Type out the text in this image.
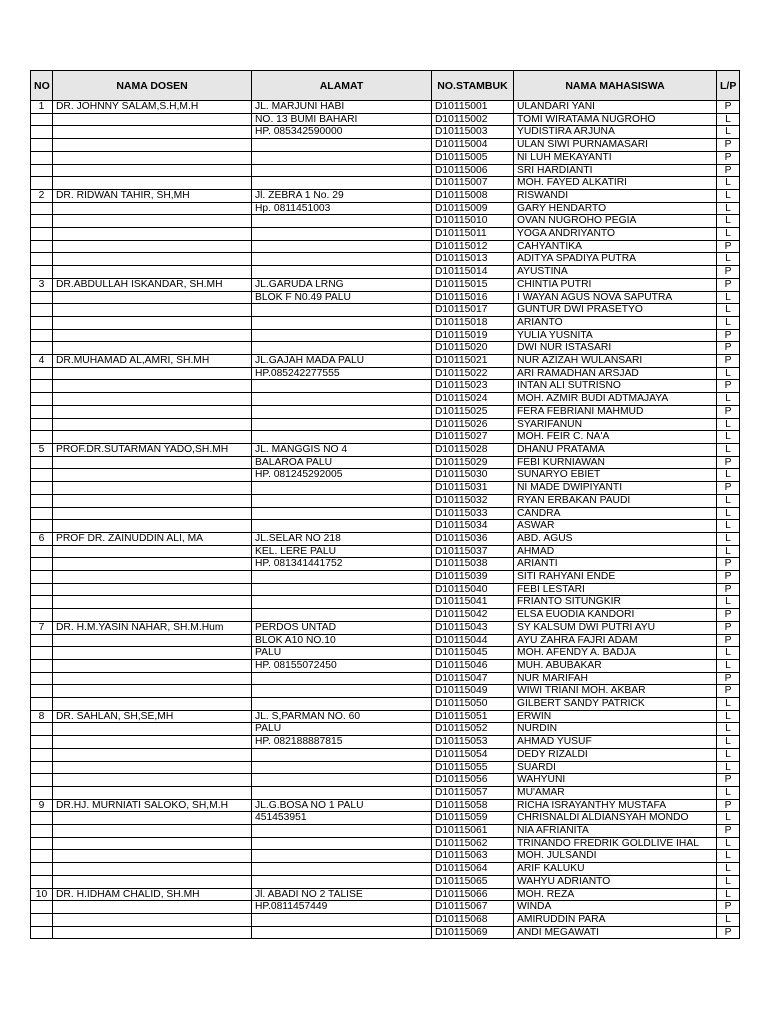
NO	NAMA DOSEN	ALAMAT	NO.STAMBUK	NAMA MAHASISWA	L/P
1	DR. JOHNNY SALAM,S.H,M.H	JL. MARJUNI HABI	D10115001	ULANDARI YANI	P
		NO. 13 BUMI BAHARI	D10115002	TOMI WIRATAMA NUGROHO	L
		HP. 085342590000	D10115003	YUDISTIRA ARJUNA	L
			D10115004	ULAN SIWI PURNAMASARI	P
			D10115005	NI LUH MEKAYANTI	P
			D10115006	SRI HARDIANTI	P
			D10115007	MOH. FAYED ALKATIRI	L
2	DR. RIDWAN TAHIR, SH,MH	Jl. ZEBRA 1 No. 29	D10115008	RISWANDI	L
		Hp. 0811451003	D10115009	GARY HENDARTO	L
			D10115010	OVAN NUGROHO PEGIA	L
			D10115011	YOGA ANDRIYANTO	L
			D10115012	CAHYANTIKA	P
			D10115013	ADITYA SPADIYA PUTRA	L
			D10115014	AYUSTINA	P
3	DR.ABDULLAH ISKANDAR, SH.MH	JL.GARUDA LRNG	D10115015	CHINTIA PUTRI	P
		BLOK F N0.49 PALU	D10115016	I WAYAN AGUS NOVA SAPUTRA	L
			D10115017	GUNTUR DWI PRASETYO	L
			D10115018	ARIANTO	L
			D10115019	YULIA YUSNITA	P
			D10115020	DWI NUR ISTASARI	P
4	DR.MUHAMAD AL,AMRI, SH.MH	JL.GAJAH MADA PALU	D10115021	NUR AZIZAH WULANSARI	P
		HP.085242277555	D10115022	ARI RAMADHAN ARSJAD	L
			D10115023	INTAN ALI SUTRISNO	P
			D10115024	MOH. AZMIR BUDI ADTMAJAYA	L
			D10115025	FERA FEBRIANI MAHMUD	P
			D10115026	SYARIFANUN	L
			D10115027	MOH. FEIR C. NA'A	L
5	PROF.DR.SUTARMAN YADO,SH.MH	JL. MANGGIS NO 4	D10115028	DHANU PRATAMA	L
		BALAROA PALU	D10115029	FEBI KURNIAWAN	P
		HP. 081245292005	D10115030	SUNARYO EBIET	L
			D10115031	NI MADE DWIPIYANTI	P
			D10115032	RYAN ERBAKAN PAUDI	L
			D10115033	CANDRA	L
			D10115034	ASWAR	L
6	PROF DR. ZAINUDDIN ALI, MA	JL.SELAR NO 218	D10115036	ABD. AGUS	L
		KEL. LERE PALU	D10115037	AHMAD	L
		HP. 081341441752	D10115038	ARIANTI	P
			D10115039	SITI RAHYANI ENDE	P
			D10115040	FEBI LESTARI	P
			D10115041	FRIANTO SITUNGKIR	L
			D10115042	ELSA EUODIA KANDORI	P
7	DR. H.M.YASIN NAHAR, SH.M.Hum	PERDOS UNTAD	D10115043	SY KALSUM DWI PUTRI AYU	P
		BLOK A10 NO.10	D10115044	AYU ZAHRA FAJRI ADAM	P
		PALU	D10115045	MOH. AFENDY A. BADJA	L
		HP. 08155072450	D10115046	MUH. ABUBAKAR	L
			D10115047	NUR MARIFAH	P
			D10115049	WIWI TRIANI MOH. AKBAR	P
			D10115050	GILBERT SANDY PATRICK	L
8	DR. SAHLAN, SH,SE,MH	JL. S,PARMAN NO. 60	D10115051	ERWIN	L
		PALU	D10115052	NURDIN	L
		HP. 082188887815	D10115053	AHMAD YUSUF	L
			D10115054	DEDY RIZALDI	L
			D10115055	SUARDI	L
			D10115056	WAHYUNI	P
			D10115057	MU'AMAR	L
9	DR.HJ. MURNIATI SALOKO, SH,M.H	JL.G.BOSA NO 1 PALU	D10115058	RICHA ISRAYANTHY MUSTAFA	P
		451453951	D10115059	CHRISNALDI ALDIANSYAH MONDO	L
			D10115061	NIA AFRIANITA	P
			D10115062	TRINANDO FREDRIK GOLDLIVE IHAL	L
			D10115063	MOH. JULSANDI	L
			D10115064	ARIF KALUKU	L
			D10115065	WAHYU ADRIANTO	L
10	DR. H.IDHAM CHALID, SH.MH	Jl. ABADI NO 2 TALISE	D10115066	MOH. REZA	L
		HP.0811457449	D10115067	WINDA	P
			D10115068	AMIRUDDIN PARA	L
			D10115069	ANDI MEGAWATI	P
